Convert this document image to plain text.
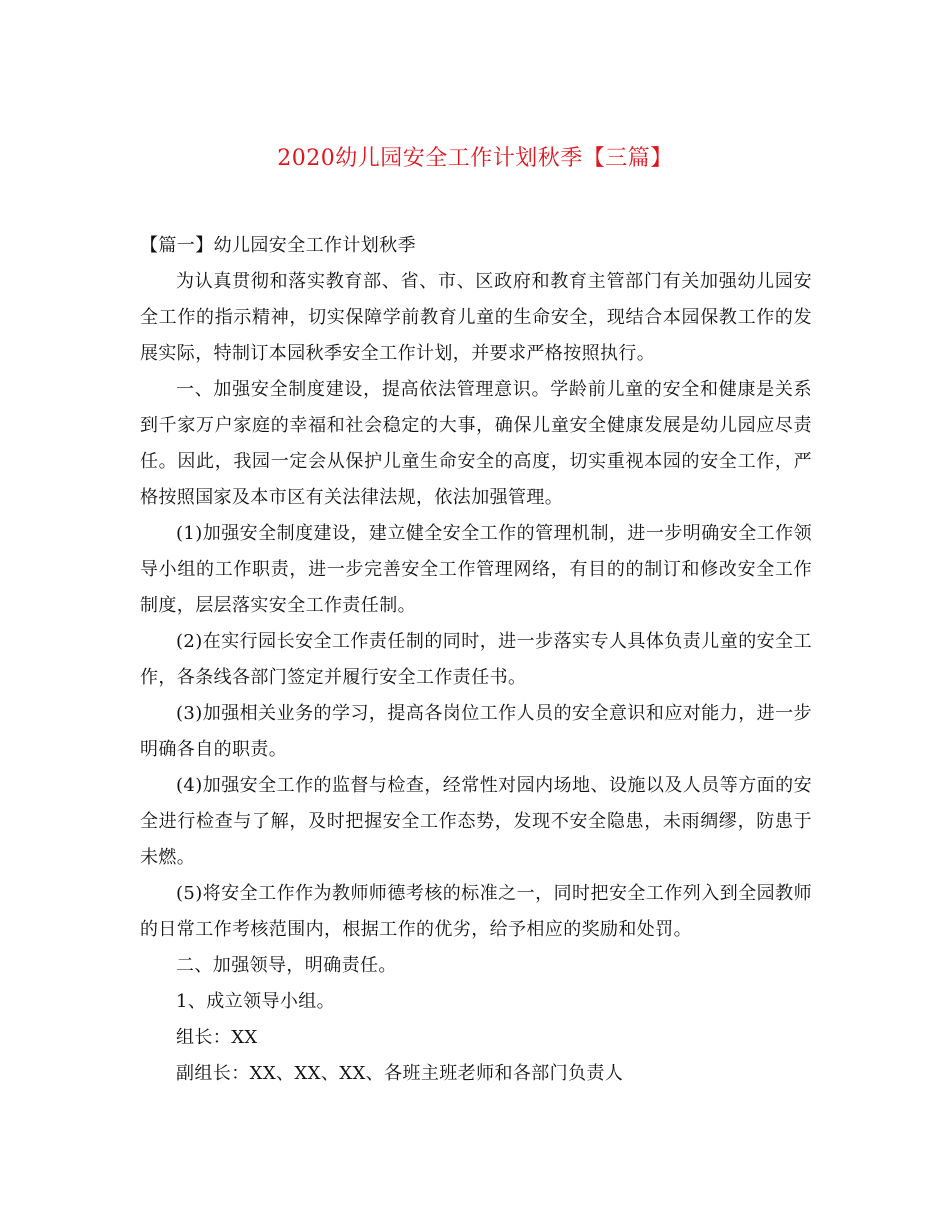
2020幼儿园安全工作计划秋季【三篇】

【篇一】幼儿园安全工作计划秋季

为认真贯彻和落实教育部、省、市、区政府和教育主管部门有关加强幼儿园安全工作的指示精神，切实保障学前教育儿童的生命安全，现结合本园保教工作的发展实际，特制订本园秋季安全工作计划，并要求严格按照执行。

一、加强安全制度建设，提高依法管理意识。学龄前儿童的安全和健康是关系到千家万户家庭的幸福和社会稳定的大事，确保儿童安全健康发展是幼儿园应尽责任。因此，我园一定会从保护儿童生命安全的高度，切实重视本园的安全工作，严格按照国家及本市区有关法律法规，依法加强管理。

(1)加强安全制度建设，建立健全安全工作的管理机制，进一步明确安全工作领导小组的工作职责，进一步完善安全工作管理网络，有目的的制订和修改安全工作制度，层层落实安全工作责任制。

(2)在实行园长安全工作责任制的同时，进一步落实专人具体负责儿童的安全工作，各条线各部门签定并履行安全工作责任书。

(3)加强相关业务的学习，提高各岗位工作人员的安全意识和应对能力，进一步明确各自的职责。

(4)加强安全工作的监督与检查，经常性对园内场地、设施以及人员等方面的安全进行检查与了解，及时把握安全工作态势，发现不安全隐患，未雨绸缪，防患于未燃。

(5)将安全工作作为教师师德考核的标准之一，同时把安全工作列入到全园教师的日常工作考核范围内，根据工作的优劣，给予相应的奖励和处罚。

二、加强领导，明确责任。

1、成立领导小组。

组长：XX

副组长：XX、XX、XX、各班主班老师和各部门负责人
